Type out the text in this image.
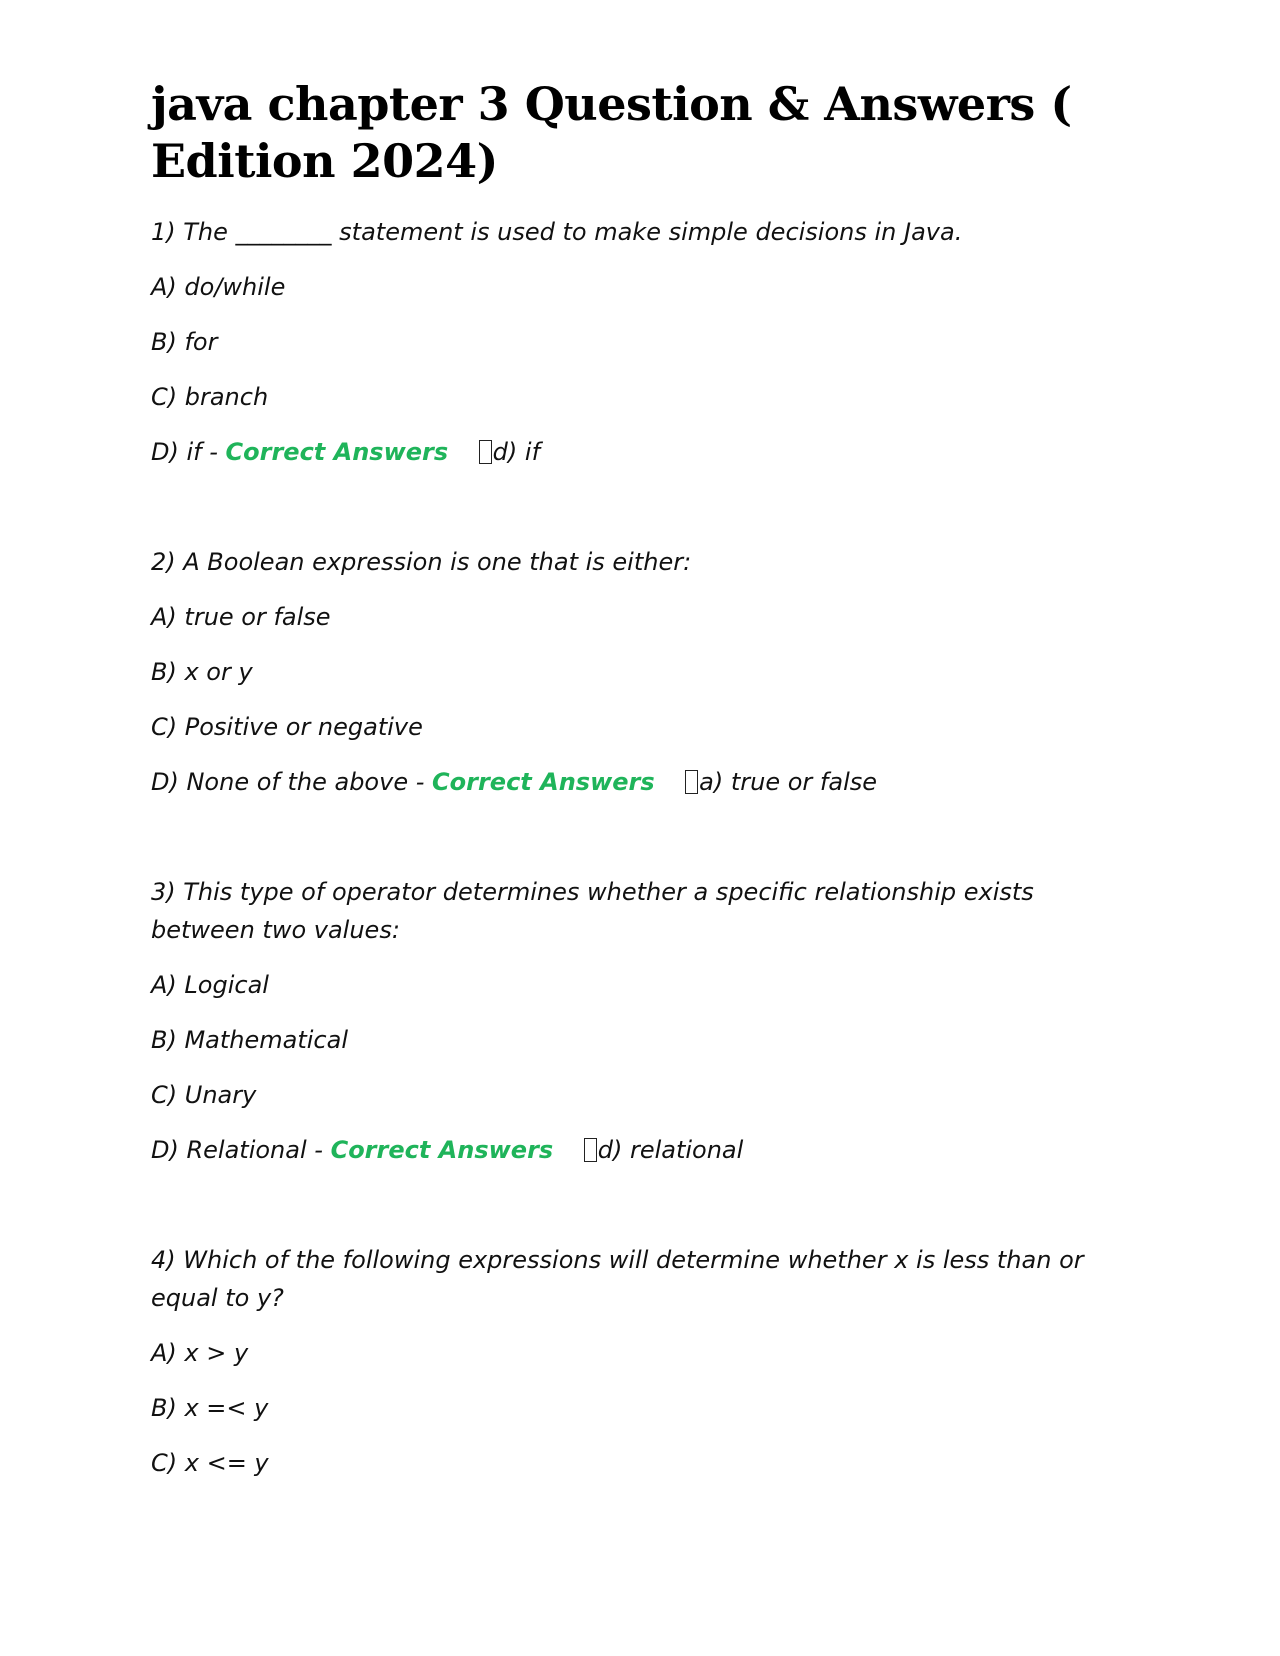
java chapter 3 Question & Answers ( Edition 2024)

1) The ________ statement is used to make simple decisions in Java.

A) do/while

B) for

C) branch

D) if - Correct Answers d) if

2) A Boolean expression is one that is either:

A) true or false

B) x or y

C) Positive or negative

D) None of the above - Correct Answers a) true or false

3) This type of operator determines whether a specific relationship exists between two values:

A) Logical

B) Mathematical

C) Unary

D) Relational - Correct Answers d) relational

4) Which of the following expressions will determine whether x is less than or equal to y?

A) x > y

B) x =< y

C) x <= y
